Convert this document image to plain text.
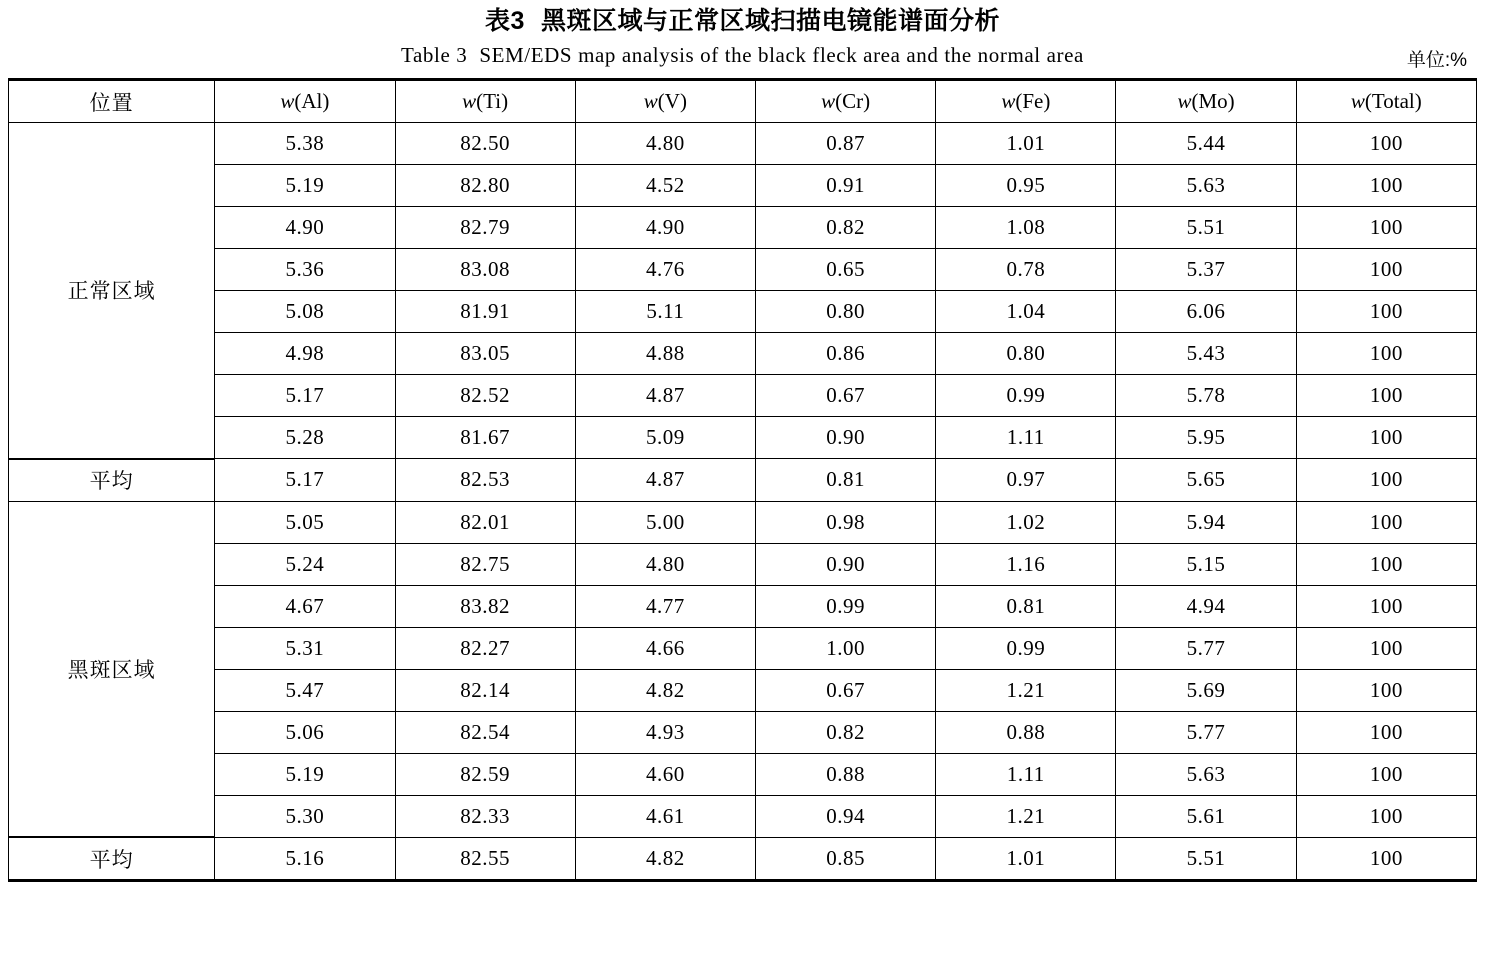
表3 黑斑区域与正常区域扫描电镜能谱面分析
Table 3 SEM/EDS map analysis of the black fleck area and the normal area	单位:%
位置	w(Al)	w(Ti)	w(V)	w(Cr)	w(Fe)	w(Mo)	w(Total)
正常区域	5.38	82.50	4.80	0.87	1.01	5.44	100
	5.19	82.80	4.52	0.91	0.95	5.63	100
	4.90	82.79	4.90	0.82	1.08	5.51	100
	5.36	83.08	4.76	0.65	0.78	5.37	100
	5.08	81.91	5.11	0.80	1.04	6.06	100
	4.98	83.05	4.88	0.86	0.80	5.43	100
	5.17	82.52	4.87	0.67	0.99	5.78	100
	5.28	81.67	5.09	0.90	1.11	5.95	100
平均	5.17	82.53	4.87	0.81	0.97	5.65	100
黑斑区域	5.05	82.01	5.00	0.98	1.02	5.94	100
	5.24	82.75	4.80	0.90	1.16	5.15	100
	4.67	83.82	4.77	0.99	0.81	4.94	100
	5.31	82.27	4.66	1.00	0.99	5.77	100
	5.47	82.14	4.82	0.67	1.21	5.69	100
	5.06	82.54	4.93	0.82	0.88	5.77	100
	5.19	82.59	4.60	0.88	1.11	5.63	100
	5.30	82.33	4.61	0.94	1.21	5.61	100
平均	5.16	82.55	4.82	0.85	1.01	5.51	100
